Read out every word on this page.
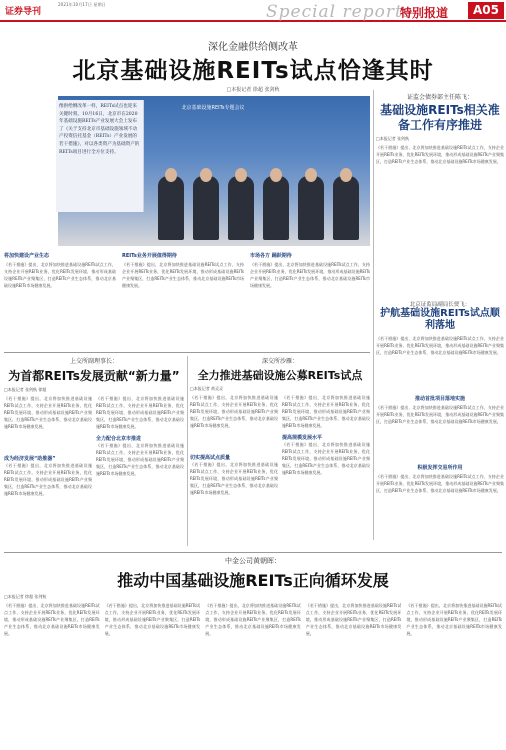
证券导刊
2021年10月17日 星期日	Special reports
特别报道	A05
深化金融供给侧改革
北京基础设施REITs试点恰逢其时
□本报记者 徐超 张剑秋
北京基础设施REITs专题会议
像供给侧改革一样，REITs试点也迎来关键时刻。10月16日，北京市在2020年基础设施REITs产业发展大会上发布了《关于支持北京市基础设施领域不动产投资信托基金（REITs）产业发展的若干措施》，对以各类资产为基础资产的REITs项目进行全方位支持。
将加快建设产业生态
《若干措施》提出，北京将加快推进基础设施REITs试点工作，支持企业开展REITs业务，优化REITs发展环境，推动形成基础设施REITs产业聚集区，打造REITs产业生态体系，推动北京基础设施REITs市场健康发展。
REITs业务开展值得期待
《若干措施》提出，北京将加快推进基础设施REITs试点工作，支持企业开展REITs业务，优化REITs发展环境，推动形成基础设施REITs产业聚集区，打造REITs产业生态体系，推动北京基础设施REITs市场健康发展。
市场各方 踊跃期待
《若干措施》提出，北京将加快推进基础设施REITs试点工作，支持企业开展REITs业务，优化REITs发展环境，推动形成基础设施REITs产业聚集区，打造REITs产业生态体系，推动北京基础设施REITs市场健康发展。
证监会债券部主任陈飞：
基础设施REITs相关准备工作有序推进
□本报记者 张剑秋
《若干措施》提出，北京将加快推进基础设施REITs试点工作，支持企业开展REITs业务，优化REITs发展环境，推动形成基础设施REITs产业聚集区，打造REITs产业生态体系，推动北京基础设施REITs市场健康发展。
北京证监局副局长贾飞：
护航基础设施REITs试点顺利落地
《若干措施》提出，北京将加快推进基础设施REITs试点工作，支持企业开展REITs业务，优化REITs发展环境，推动形成基础设施REITs产业聚集区，打造REITs产业生态体系，推动北京基础设施REITs市场健康发展。
推动首批项目落地实施
《若干措施》提出，北京将加快推进基础设施REITs试点工作，支持企业开展REITs业务，优化REITs发展环境，推动形成基础设施REITs产业聚集区，打造REITs产业生态体系，推动北京基础设施REITs市场健康发展。
积极发挥交易所作用
《若干措施》提出，北京将加快推进基础设施REITs试点工作，支持企业开展REITs业务，优化REITs发展环境，推动形成基础设施REITs产业聚集区，打造REITs产业生态体系，推动北京基础设施REITs市场健康发展。
上交所副理事长：
为首都REITs发展贡献“新力量”
□本报记者 张剑秋 徐超
《若干措施》提出，北京将加快推进基础设施REITs试点工作，支持企业开展REITs业务，优化REITs发展环境，推动形成基础设施REITs产业聚集区，打造REITs产业生态体系，推动北京基础设施REITs市场健康发展。
成为经济发展“助推器”
《若干措施》提出，北京将加快推进基础设施REITs试点工作，支持企业开展REITs业务，优化REITs发展环境，推动形成基础设施REITs产业聚集区，打造REITs产业生态体系，推动北京基础设施REITs市场健康发展。
《若干措施》提出，北京将加快推进基础设施REITs试点工作，支持企业开展REITs业务，优化REITs发展环境，推动形成基础设施REITs产业聚集区，打造REITs产业生态体系，推动北京基础设施REITs市场健康发展。
全力配合北京市推进
《若干措施》提出，北京将加快推进基础设施REITs试点工作，支持企业开展REITs业务，优化REITs发展环境，推动形成基础设施REITs产业聚集区，打造REITs产业生态体系，推动北京基础设施REITs市场健康发展。
深交所沙雁：
全力推进基础设施公募REITs试点
□本报记者 黄灵灵
《若干措施》提出，北京将加快推进基础设施REITs试点工作，支持企业开展REITs业务，优化REITs发展环境，推动形成基础设施REITs产业聚集区，打造REITs产业生态体系，推动北京基础设施REITs市场健康发展。
切实提高试点质量
《若干措施》提出，北京将加快推进基础设施REITs试点工作，支持企业开展REITs业务，优化REITs发展环境，推动形成基础设施REITs产业聚集区，打造REITs产业生态体系，推动北京基础设施REITs市场健康发展。
《若干措施》提出，北京将加快推进基础设施REITs试点工作，支持企业开展REITs业务，优化REITs发展环境，推动形成基础设施REITs产业聚集区，打造REITs产业生态体系，推动北京基础设施REITs市场健康发展。
提高规模发展水平
《若干措施》提出，北京将加快推进基础设施REITs试点工作，支持企业开展REITs业务，优化REITs发展环境，推动形成基础设施REITs产业聚集区，打造REITs产业生态体系，推动北京基础设施REITs市场健康发展。
中金公司黄朝晖：
推动中国基础设施REITs正向循环发展
□本报记者 徐超 张剑秋
《若干措施》提出，北京将加快推进基础设施REITs试点工作，支持企业开展REITs业务，优化REITs发展环境，推动形成基础设施REITs产业聚集区，打造REITs产业生态体系，推动北京基础设施REITs市场健康发展。
《若干措施》提出，北京将加快推进基础设施REITs试点工作，支持企业开展REITs业务，优化REITs发展环境，推动形成基础设施REITs产业聚集区，打造REITs产业生态体系，推动北京基础设施REITs市场健康发展。
《若干措施》提出，北京将加快推进基础设施REITs试点工作，支持企业开展REITs业务，优化REITs发展环境，推动形成基础设施REITs产业聚集区，打造REITs产业生态体系，推动北京基础设施REITs市场健康发展。
《若干措施》提出，北京将加快推进基础设施REITs试点工作，支持企业开展REITs业务，优化REITs发展环境，推动形成基础设施REITs产业聚集区，打造REITs产业生态体系，推动北京基础设施REITs市场健康发展。
《若干措施》提出，北京将加快推进基础设施REITs试点工作，支持企业开展REITs业务，优化REITs发展环境，推动形成基础设施REITs产业聚集区，打造REITs产业生态体系，推动北京基础设施REITs市场健康发展。
